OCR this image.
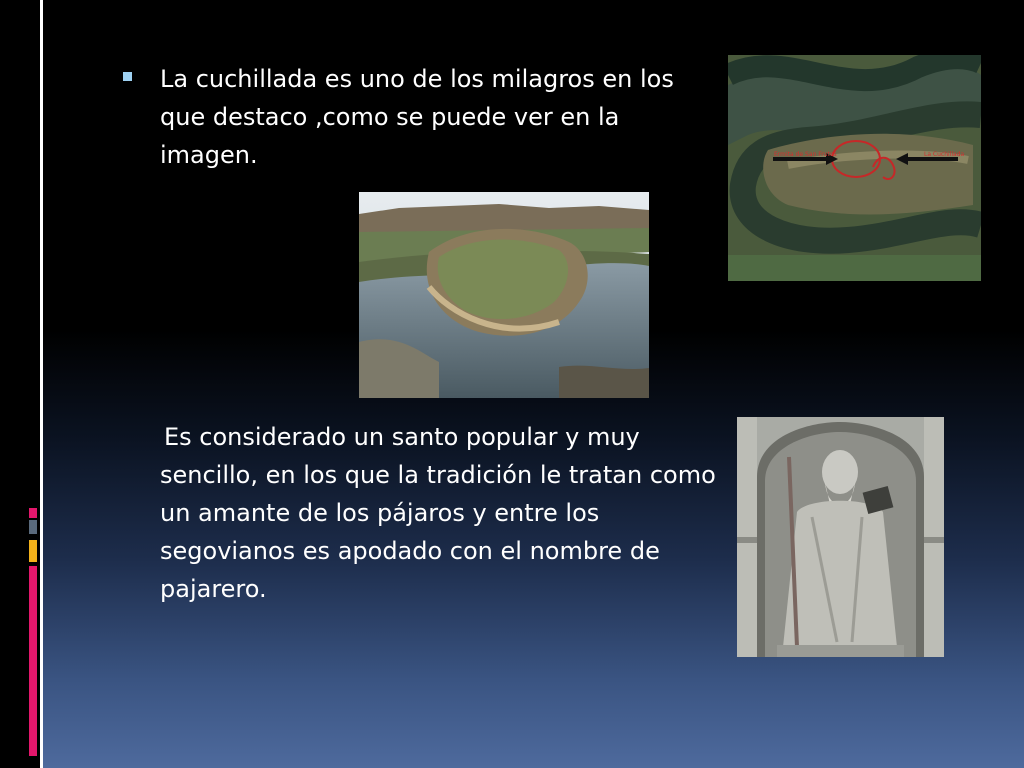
La cuchillada es uno de los milagros en los que destaco ,como se puede ver en la imagen.	Ermita de San Frutos	La Cuchillada
Es considerado un santo popular y muy sencillo, en los que la tradición le tratan como un amante de los pájaros y entre los segovianos es apodado con el nombre de pajarero.
